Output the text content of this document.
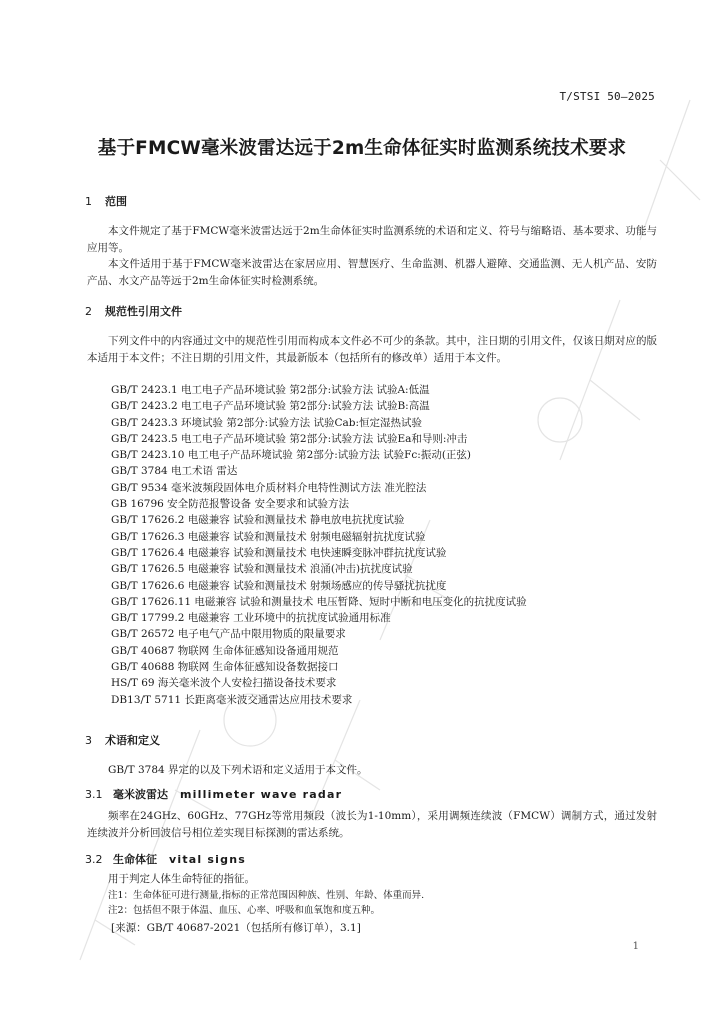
T/STSI 50—2025
基于FMCW毫米波雷达远于2m生命体征实时监测系统技术要求
1 范围
本文件规定了基于FMCW毫米波雷达远于2m生命体征实时监测系统的术语和定义、符号与缩略语、基本要求、功能与应用等。
本文件适用于基于FMCW毫米波雷达在家居应用、智慧医疗、生命监测、机器人避障、交通监测、无人机产品、安防产品、水文产品等远于2m生命体征实时检测系统。
2 规范性引用文件
下列文件中的内容通过文中的规范性引用而构成本文件必不可少的条款。其中，注日期的引用文件，仅该日期对应的版本适用于本文件；不注日期的引用文件，其最新版本（包括所有的修改单）适用于本文件。
GB/T 2423.1 电工电子产品环境试验 第2部分:试验方法 试验A:低温
GB/T 2423.2 电工电子产品环境试验 第2部分:试验方法 试验B:高温
GB/T 2423.3 环境试验 第2部分:试验方法 试验Cab:恒定湿热试验
GB/T 2423.5 电工电子产品环境试验 第2部分:试验方法 试验Ea和导则:冲击
GB/T 2423.10 电工电子产品环境试验 第2部分:试验方法 试验Fc:振动(正弦)
GB/T 3784 电工术语 雷达
GB/T 9534 毫米波频段固体电介质材料介电特性测试方法 准光腔法
GB 16796 安全防范报警设备 安全要求和试验方法
GB/T 17626.2 电磁兼容 试验和测量技术 静电放电抗扰度试验
GB/T 17626.3 电磁兼容 试验和测量技术 射频电磁辐射抗扰度试验
GB/T 17626.4 电磁兼容 试验和测量技术 电快速瞬变脉冲群抗扰度试验
GB/T 17626.5 电磁兼容 试验和测量技术 浪涌(冲击)抗扰度试验
GB/T 17626.6 电磁兼容 试验和测量技术 射频场感应的传导骚扰抗扰度
GB/T 17626.11 电磁兼容 试验和测量技术 电压暂降、短时中断和电压变化的抗扰度试验
GB/T 17799.2 电磁兼容 工业环境中的抗扰度试验通用标准
GB/T 26572 电子电气产品中限用物质的限量要求
GB/T 40687 物联网 生命体征感知设备通用规范
GB/T 40688 物联网 生命体征感知设备数据接口
HS/T 69 海关毫米波个人安检扫描设备技术要求
DB13/T 5711 长距离毫米波交通雷达应用技术要求
3 术语和定义
GB/T 3784 界定的以及下列术语和定义适用于本文件。
3.1 毫米波雷达 millimeter wave radar
频率在24GHz、60GHz、77GHz等常用频段（波长为1-10mm），采用调频连续波（FMCW）调制方式，通过发射连续波并分析回波信号相位差实现目标探测的雷达系统。
3.2 生命体征 vital signs
用于判定人体生命特征的指征。
注1：生命体征可进行测量,指标的正常范围因种族、性别、年龄、体重而异.
注2：包括但不限于体温、血压、心率、呼吸和血氧饱和度五种。
[来源：GB/T 40687-2021（包括所有修订单），3.1]
1
